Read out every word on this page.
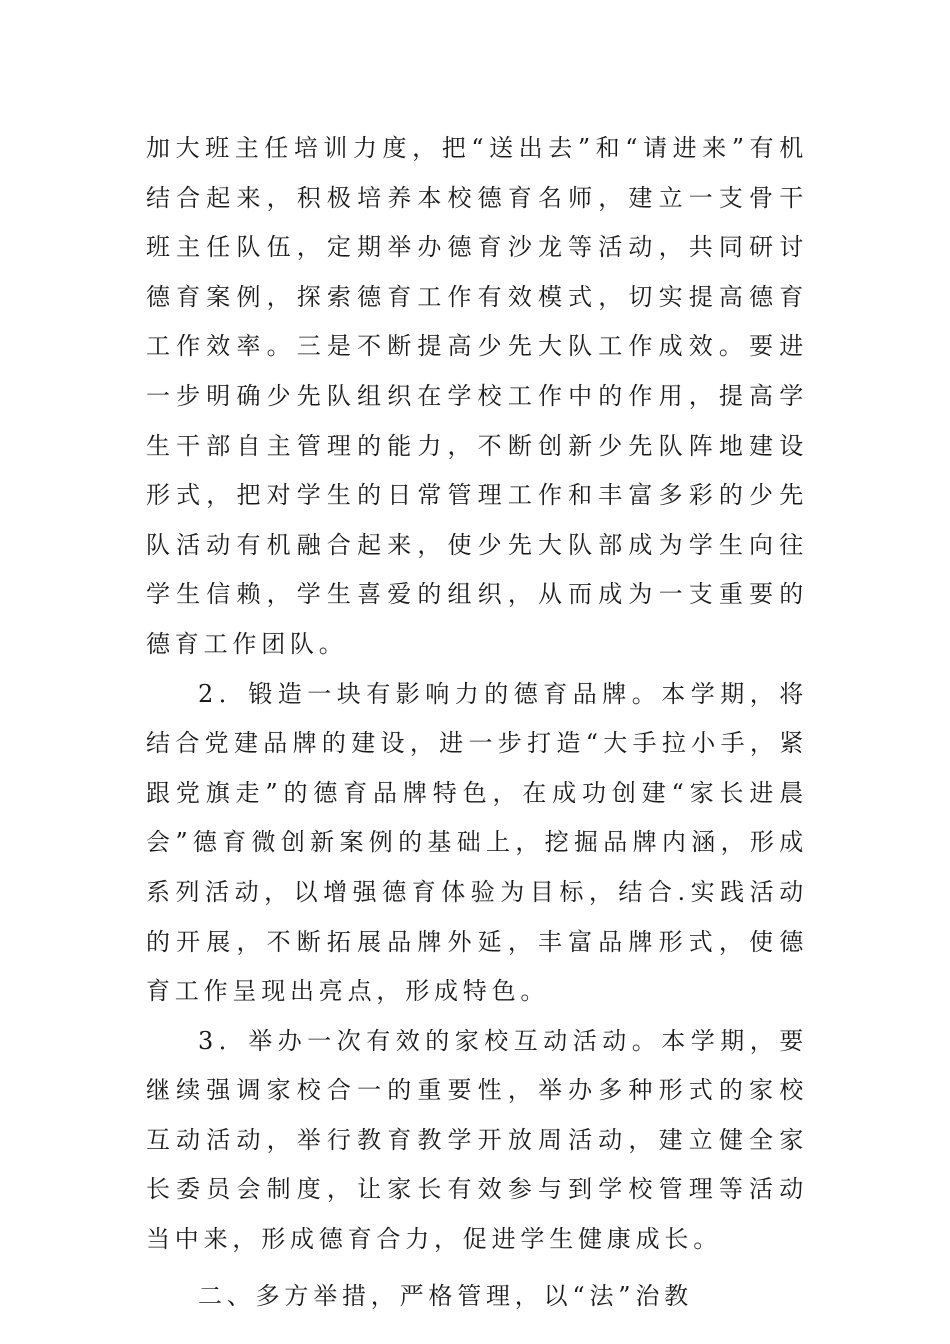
加大班主任培训力度，把“送出去”和“请进来”有机结合起来，积极培养本校德育名师，建立一支骨干班主任队伍，定期举办德育沙龙等活动，共同研讨德育案例，探索德育工作有效模式，切实提高德育工作效率。三是不断提高少先大队工作成效。要进一步明确少先队组织在学校工作中的作用，提高学生干部自主管理的能力，不断创新少先队阵地建设形式，把对学生的日常管理工作和丰富多彩的少先队活动有机融合起来，使少先大队部成为学生向往学生信赖，学生喜爱的组织，从而成为一支重要的德育工作团队。

2．锻造一块有影响力的德育品牌。本学期，将结合党建品牌的建设，进一步打造“大手拉小手，紧跟党旗走”的德育品牌特色，在成功创建“家长进晨会”德育微创新案例的基础上，挖掘品牌内涵，形成系列活动，以增强德育体验为目标，结合.实践活动的开展，不断拓展品牌外延，丰富品牌形式，使德育工作呈现出亮点，形成特色。

3．举办一次有效的家校互动活动。本学期，要继续强调家校合一的重要性，举办多种形式的家校互动活动，举行教育教学开放周活动，建立健全家长委员会制度，让家长有效参与到学校管理等活动当中来，形成德育合力，促进学生健康成长。

二、多方举措，严格管理，以“法”治教
